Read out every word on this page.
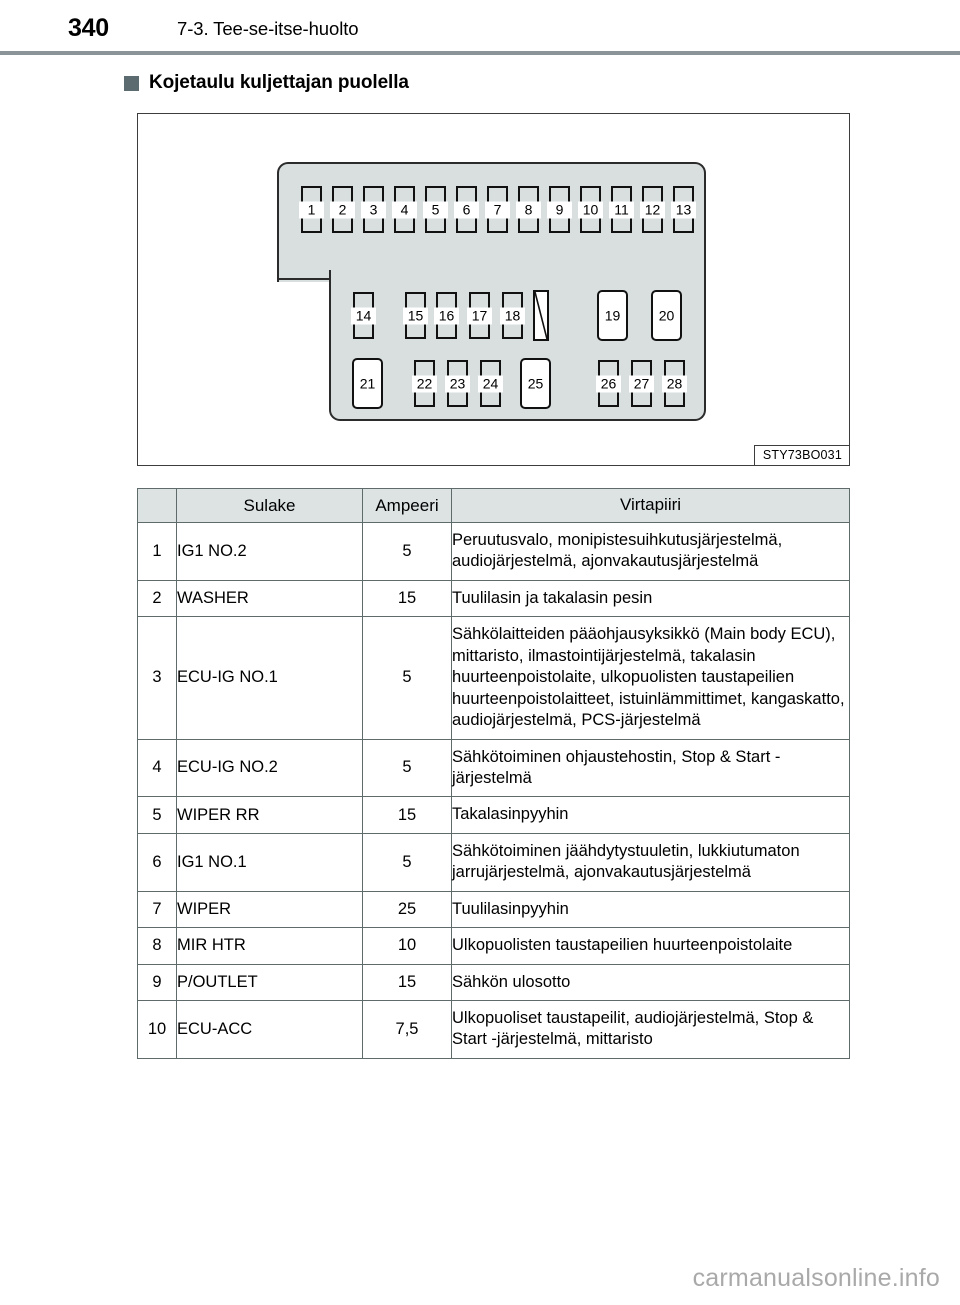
340	7-3. Tee-se-itse-huolto
Kojetaulu kuljettajan puolella
1	2	3	4	5	6	7	8	9	10	11	12	13
14	15	16	17	18	19	20
21	22	23	24	25	26	27	28
STY73BO031
	Sulake	Ampeeri	Virtapiiri
1	IG1 NO.2	5	Peruutusvalo, monipistesuihkutusjärjestelmä, audiojärjestelmä, ajonvakautusjärjestelmä
2	WASHER	15	Tuulilasin ja takalasin pesin
3	ECU-IG NO.1	5	Sähkölaitteiden pääohjausyksikkö (Main body ECU), mittaristo, ilmastointijärjestelmä, takalasin huurteenpoistolaite, ulkopuolisten taustapeilien huurteenpoistolaitteet, istuinlämmittimet, kangaskatto, audiojärjestelmä, PCS-järjestelmä
4	ECU-IG NO.2	5	Sähkötoiminen ohjaustehostin, Stop & Start -järjestelmä
5	WIPER RR	15	Takalasinpyyhin
6	IG1 NO.1	5	Sähkötoiminen jäähdytystuuletin, lukkiutumaton jarrujärjestelmä, ajonvakautusjärjestelmä
7	WIPER	25	Tuulilasinpyyhin
8	MIR HTR	10	Ulkopuolisten taustapeilien huurteenpoistolaite
9	P/OUTLET	15	Sähkön ulosotto
10	ECU-ACC	7,5	Ulkopuoliset taustapeilit, audiojärjestelmä, Stop & Start -järjestelmä, mittaristo
carmanualsonline.info
